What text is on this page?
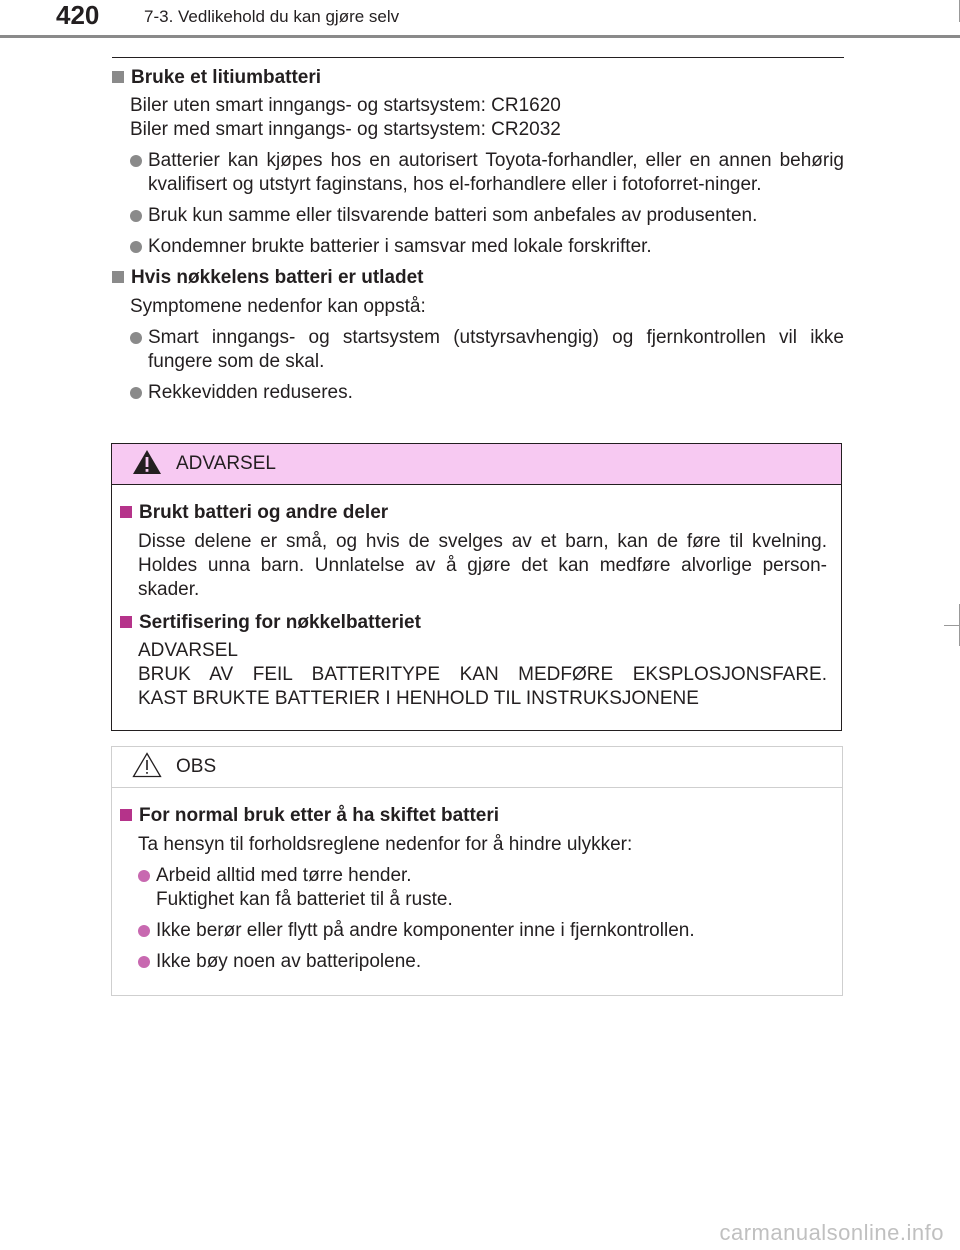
420	7-3. Vedlikehold du kan gjøre selv
Bruke et litiumbatteri
Biler uten smart inngangs- og startsystem: CR1620
Biler med smart inngangs- og startsystem: CR2032
Batterier kan kjøpes hos en autorisert Toyota-forhandler, eller en annen behørig kvalifisert og utstyrt faginstans, hos el-forhandlere eller i fotoforret-ninger.
Bruk kun samme eller tilsvarende batteri som anbefales av produsenten.
Kondemner brukte batterier i samsvar med lokale forskrifter.
Hvis nøkkelens batteri er utladet
Symptomene nedenfor kan oppstå:
Smart inngangs- og startsystem (utstyrsavhengig) og fjernkontrollen vil ikke fungere som de skal.
Rekkevidden reduseres.
ADVARSEL
Brukt batteri og andre deler
Disse delene er små, og hvis de svelges av et barn, kan de føre til kvelning. Holdes unna barn. Unnlatelse av å gjøre det kan medføre alvorlige person-skader.
Sertifisering for nøkkelbatteriet
ADVARSEL
BRUK AV FEIL BATTERITYPE KAN MEDFØRE EKSPLOSJONSFARE.
KAST BRUKTE BATTERIER I HENHOLD TIL INSTRUKSJONENE
OBS
For normal bruk etter å ha skiftet batteri
Ta hensyn til forholdsreglene nedenfor for å hindre ulykker:
Arbeid alltid med tørre hender.
Fuktighet kan få batteriet til å ruste.
Ikke berør eller flytt på andre komponenter inne i fjernkontrollen.
Ikke bøy noen av batteripolene.
carmanualsonline.info
